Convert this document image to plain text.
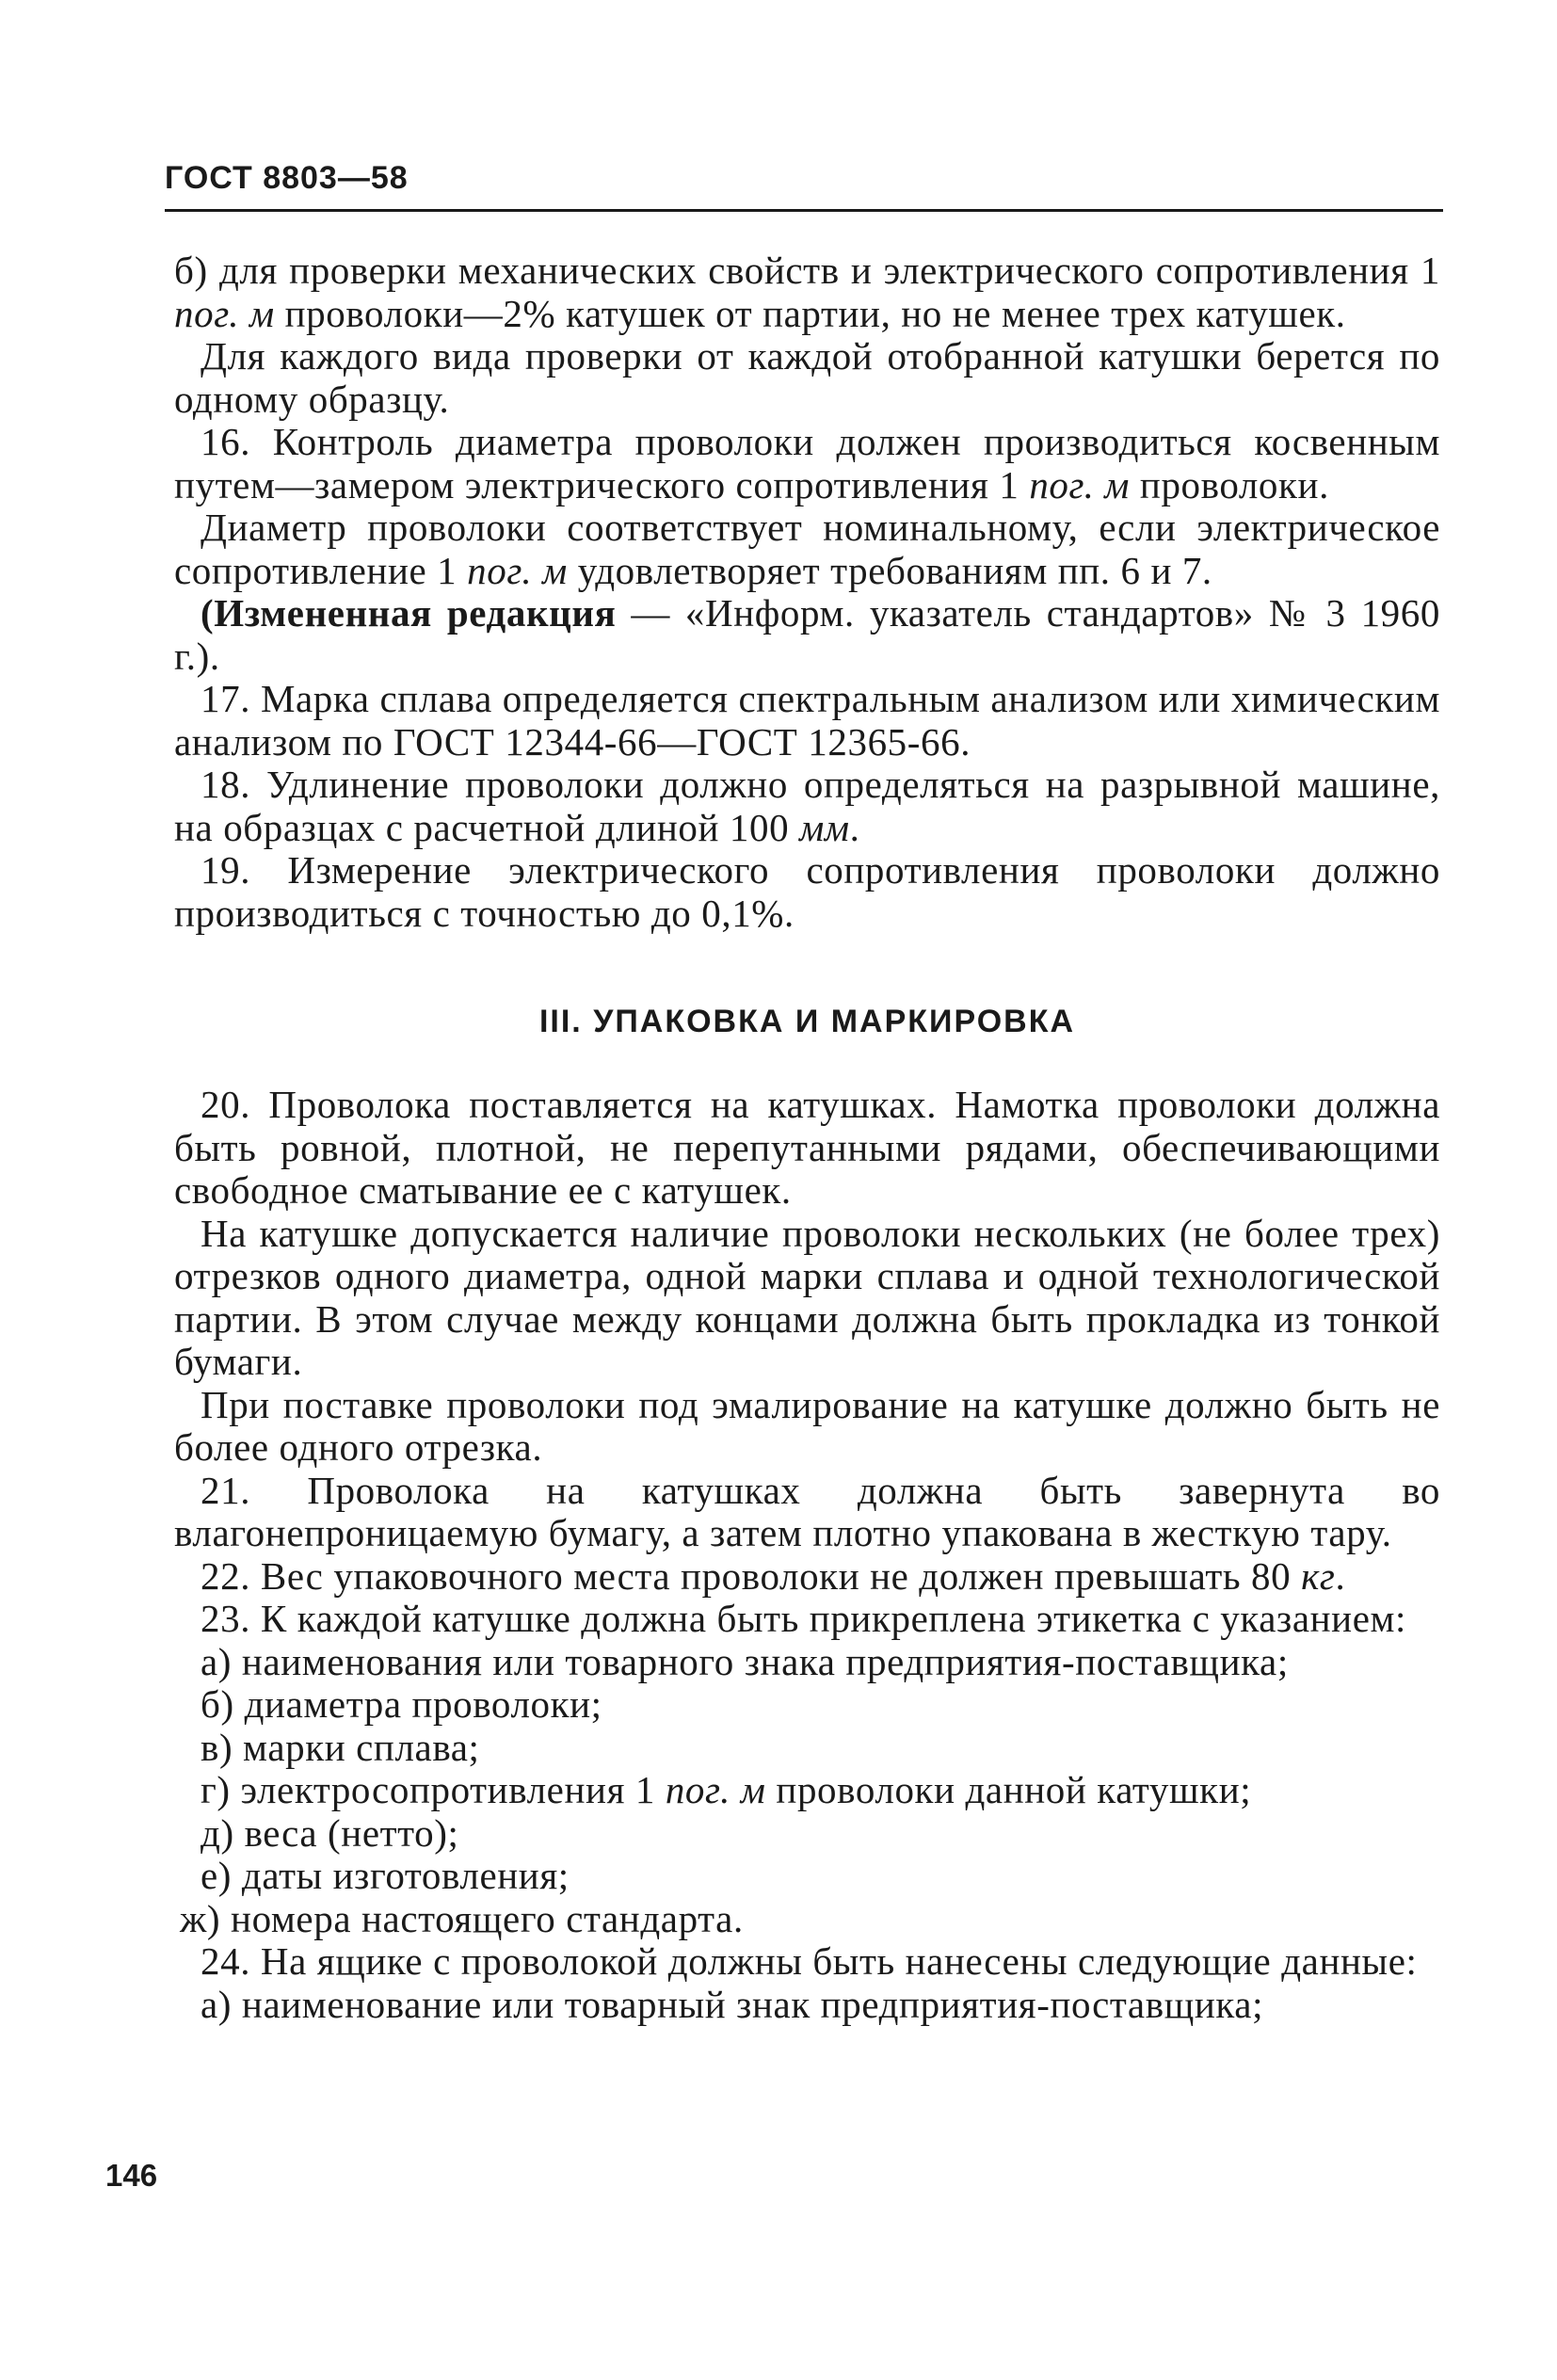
ГОСТ 8803—58

б) для проверки механических свойств и электрического сопротивления 1 пог. м проволоки—2% катушек от партии, но не менее трех катушек.

Для каждого вида проверки от каждой отобранной катушки берется по одному образцу.

16. Контроль диаметра проволоки должен производиться косвенным путем—замером электрического сопротивления 1 пог. м проволоки.

Диаметр проволоки соответствует номинальному, если электрическое сопротивление 1 пог. м удовлетворяет требованиям пп. 6 и 7.

(Измененная редакция — «Информ. указатель стандартов» № 3 1960 г.).

17. Марка сплава определяется спектральным анализом или химическим анализом по ГОСТ 12344-66—ГОСТ 12365-66.

18. Удлинение проволоки должно определяться на разрывной машине, на образцах с расчетной длиной 100 мм.

19. Измерение электрического сопротивления проволоки должно производиться с точностью до 0,1%.

III. УПАКОВКА И МАРКИРОВКА

20. Проволока поставляется на катушках. Намотка проволоки должна быть ровной, плотной, не перепутанными рядами, обеспечивающими свободное сматывание ее с катушек.

На катушке допускается наличие проволоки нескольких (не более трех) отрезков одного диаметра, одной марки сплава и одной технологической партии. В этом случае между концами должна быть прокладка из тонкой бумаги.

При поставке проволоки под эмалирование на катушке должно быть не более одного отрезка.

21. Проволока на катушках должна быть завернута во влагонепроницаемую бумагу, а затем плотно упакована в жесткую тару.

22. Вес упаковочного места проволоки не должен превышать 80 кг.

23. К каждой катушке должна быть прикреплена этикетка с указанием:

а) наименования или товарного знака предприятия-поставщика;

б) диаметра проволоки;

в) марки сплава;

г) электросопротивления 1 пог. м проволоки данной катушки;

д) веса (нетто);

е) даты изготовления;

ж) номера настоящего стандарта.

24. На ящике с проволокой должны быть нанесены следующие данные:

а) наименование или товарный знак предприятия-поставщика;

146
